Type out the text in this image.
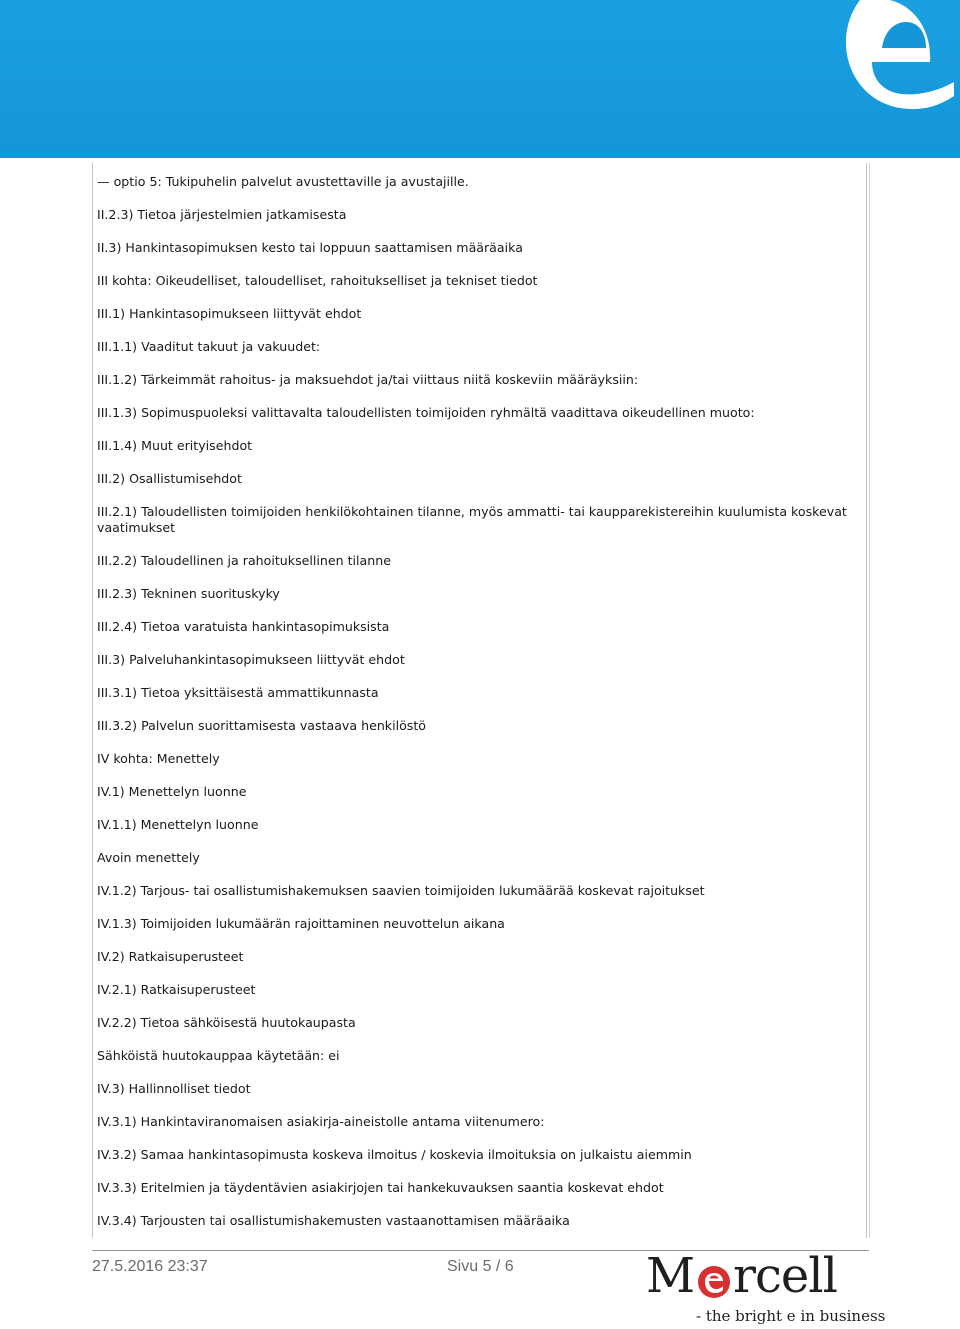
— optio 5: Tukipuhelin palvelut avustettaville ja avustajille.
II.2.3) Tietoa järjestelmien jatkamisesta
II.3) Hankintasopimuksen kesto tai loppuun saattamisen määräaika
III kohta: Oikeudelliset, taloudelliset, rahoitukselliset ja tekniset tiedot
III.1) Hankintasopimukseen liittyvät ehdot
III.1.1) Vaaditut takuut ja vakuudet:
III.1.2) Tärkeimmät rahoitus- ja maksuehdot ja/tai viittaus niitä koskeviin määräyksiin:
III.1.3) Sopimuspuoleksi valittavalta taloudellisten toimijoiden ryhmältä vaadittava oikeudellinen muoto:
III.1.4) Muut erityisehdot
III.2) Osallistumisehdot
III.2.1) Taloudellisten toimijoiden henkilökohtainen tilanne, myös ammatti- tai kaupparekistereihin kuulumista koskevat vaatimukset
III.2.2) Taloudellinen ja rahoituksellinen tilanne
III.2.3) Tekninen suorituskyky
III.2.4) Tietoa varatuista hankintasopimuksista
III.3) Palveluhankintasopimukseen liittyvät ehdot
III.3.1) Tietoa yksittäisestä ammattikunnasta
III.3.2) Palvelun suorittamisesta vastaava henkilöstö
IV kohta: Menettely
IV.1) Menettelyn luonne
IV.1.1) Menettelyn luonne
Avoin menettely
IV.1.2) Tarjous- tai osallistumishakemuksen saavien toimijoiden lukumäärää koskevat rajoitukset
IV.1.3) Toimijoiden lukumäärän rajoittaminen neuvottelun aikana
IV.2) Ratkaisuperusteet
IV.2.1) Ratkaisuperusteet
IV.2.2) Tietoa sähköisestä huutokaupasta
Sähköistä huutokauppaa käytetään: ei
IV.3) Hallinnolliset tiedot
IV.3.1) Hankintaviranomaisen asiakirja-aineistolle antama viitenumero:
IV.3.2) Samaa hankintasopimusta koskeva ilmoitus / koskevia ilmoituksia on julkaistu aiemmin
IV.3.3) Eritelmien ja täydentävien asiakirjojen tai hankekuvauksen saantia koskevat ehdot
IV.3.4) Tarjousten tai osallistumishakemusten vastaanottamisen määräaika
27.5.2016 23:37	Sivu 5 / 6	M rcell
- the bright e in business
